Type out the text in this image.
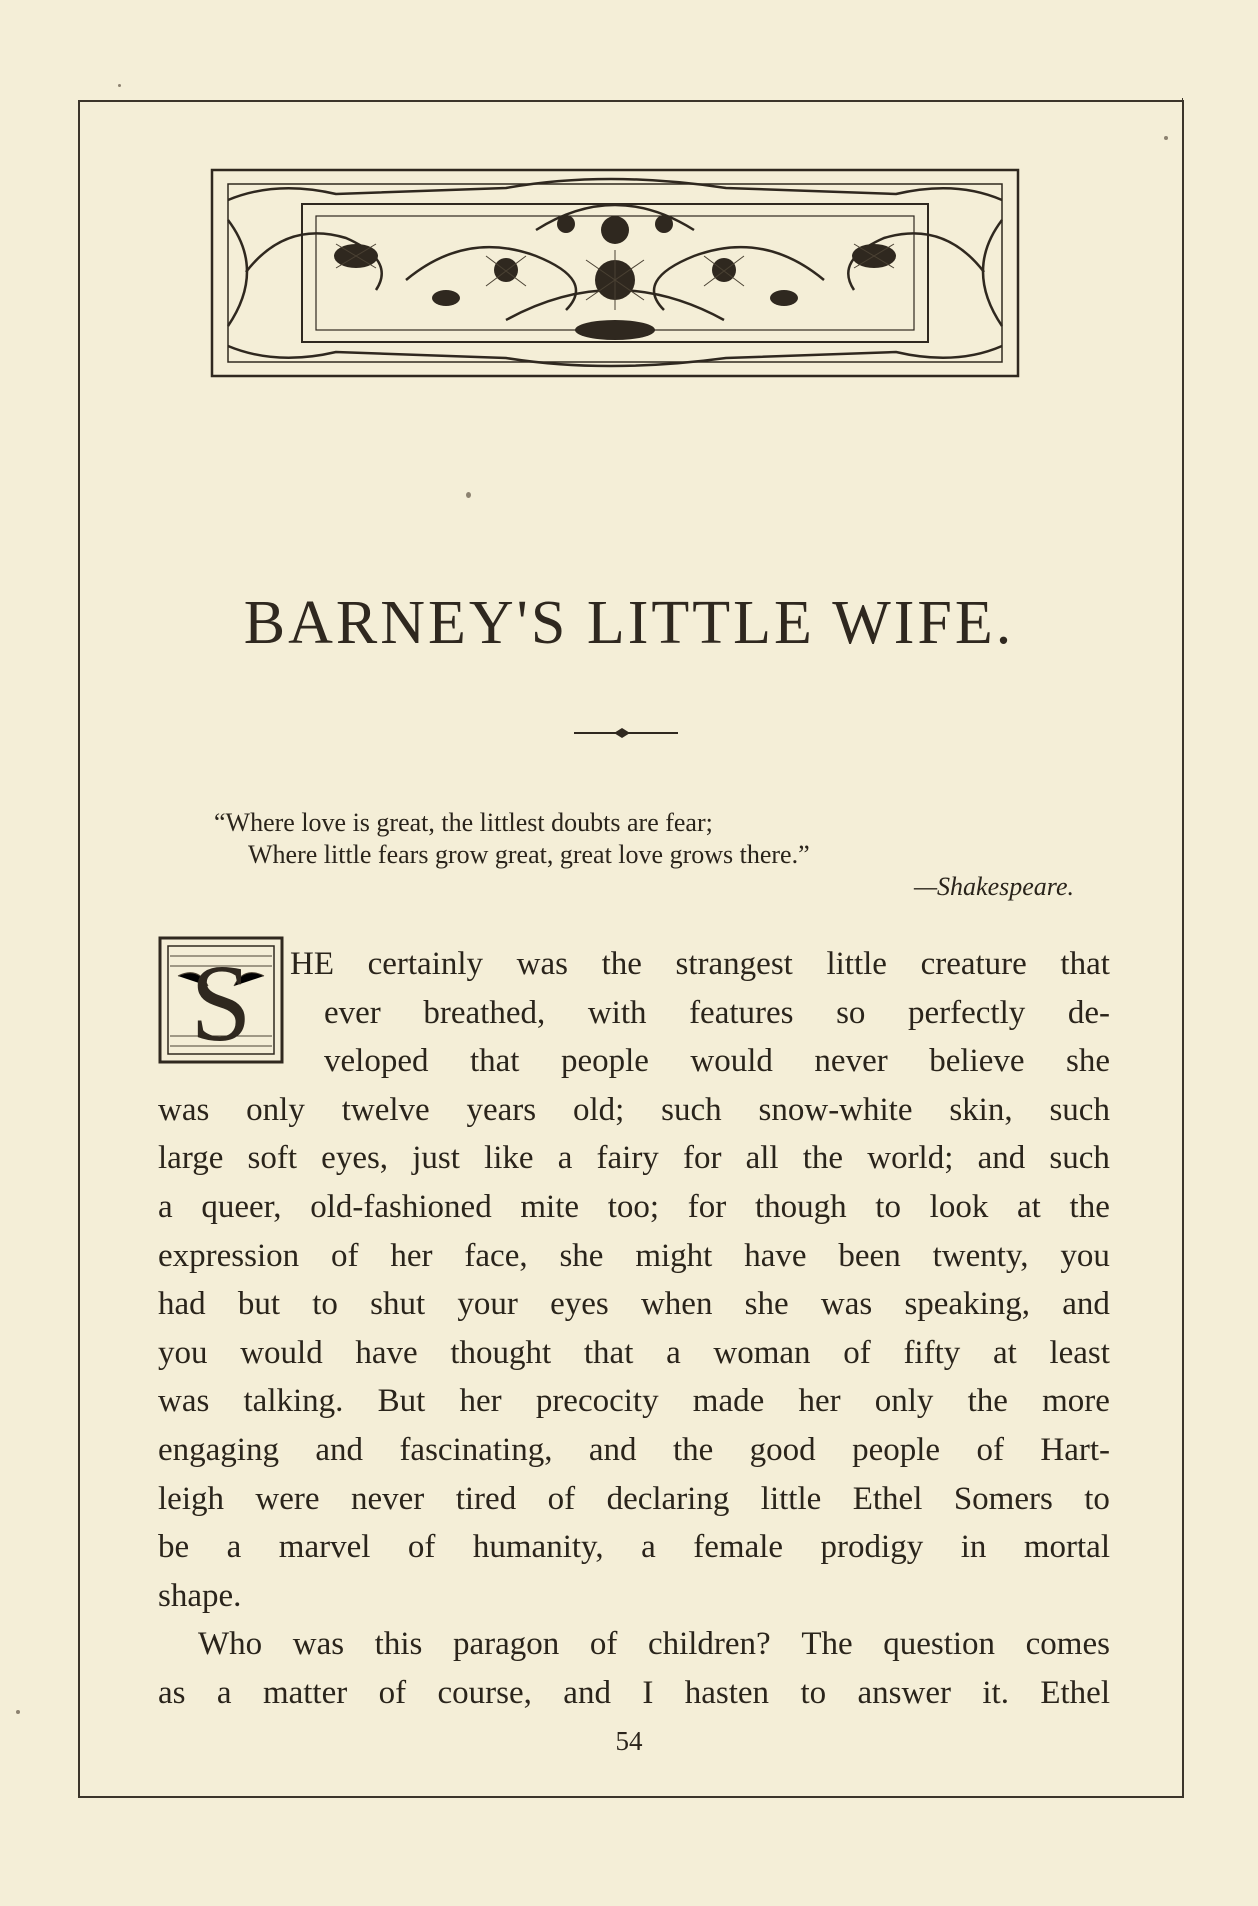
BARNEY'S LITTLE WIFE.
“Where love is great, the littlest doubts are fear;
Where little fears grow great, great love grows there.”
—Shakespeare.
S HE certainly was the strangest little creature that
ever breathed, with features so perfectly de-
veloped that people would never believe she
was only twelve years old; such snow-white skin, such
large soft eyes, just like a fairy for all the world; and such
a queer, old-fashioned mite too; for though to look at the
expression of her face, she might have been twenty, you
had but to shut your eyes when she was speaking, and
you would have thought that a woman of fifty at least
was talking. But her precocity made her only the more
engaging and fascinating, and the good people of Hart-
leigh were never tired of declaring little Ethel Somers to
be a marvel of humanity, a female prodigy in mortal
shape.
Who was this paragon of children? The question comes
as a matter of course, and I hasten to answer it. Ethel
54
